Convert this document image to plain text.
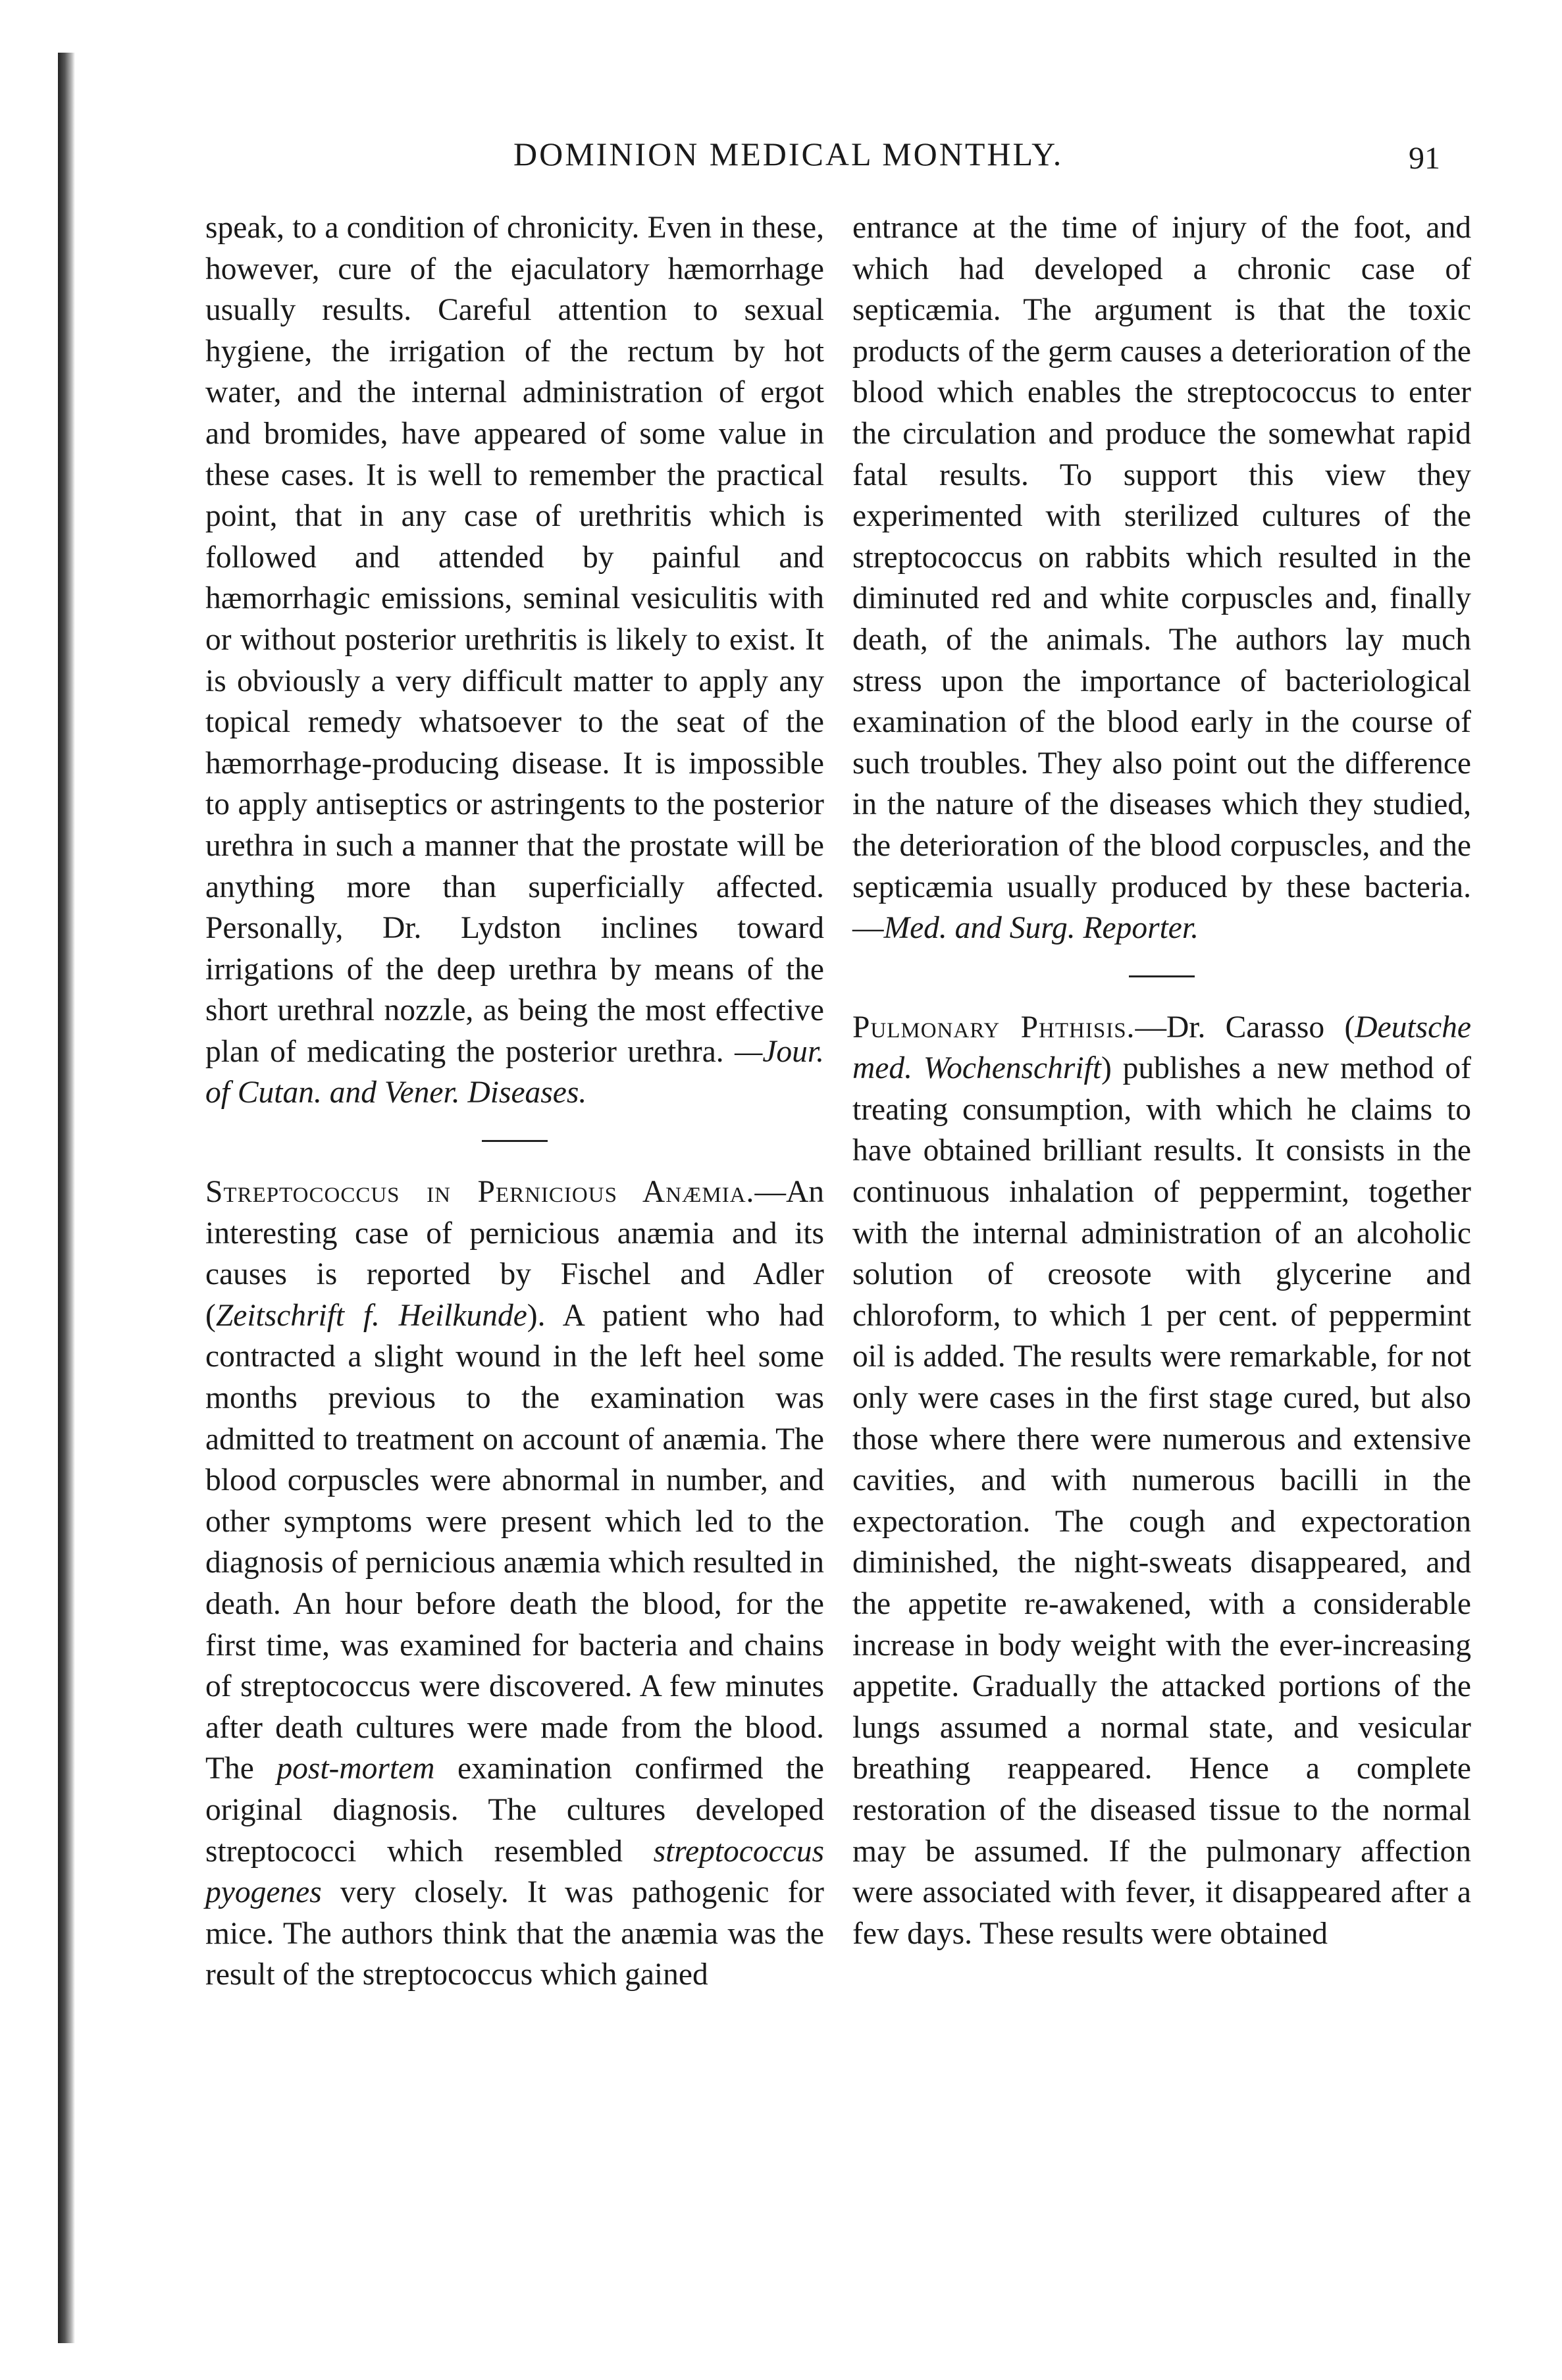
DOMINION MEDICAL MONTHLY.	91

speak, to a condition of chronicity. Even in these, however, cure of the ejaculatory hæmorrhage usually results. Careful attention to sexual hygiene, the irrigation of the rectum by hot water, and the internal administration of ergot and bromides, have appeared of some value in these cases. It is well to remember the practical point, that in any case of urethritis which is followed and attended by painful and hæmorrhagic emissions, seminal vesiculitis with or without posterior urethritis is likely to exist. It is obviously a very difficult matter to apply any topical remedy whatsoever to the seat of the hæmorrhage-producing disease. It is impossible to apply antiseptics or astringents to the posterior urethra in such a manner that the prostate will be anything more than superficially affected. Personally, Dr. Lydston inclines toward irrigations of the deep urethra by means of the short urethral nozzle, as being the most effective plan of medicating the posterior urethra. —Jour. of Cutan. and Vener. Diseases.

Streptococcus in Pernicious Anæmia.—An interesting case of pernicious anæmia and its causes is reported by Fischel and Adler (Zeitschrift f. Heilkunde). A patient who had contracted a slight wound in the left heel some months previous to the examination was admitted to treatment on account of anæmia. The blood corpuscles were abnormal in number, and other symptoms were present which led to the diagnosis of pernicious anæmia which resulted in death. An hour before death the blood, for the first time, was examined for bacteria and chains of streptococcus were discovered. A few minutes after death cultures were made from the blood. The post-mortem examination confirmed the original diagnosis. The cultures developed streptococci which resembled streptococcus pyogenes very closely. It was pathogenic for mice. The authors think that the anæmia was the result of the streptococcus which gained

entrance at the time of injury of the foot, and which had developed a chronic case of septicæmia. The argument is that the toxic products of the germ causes a deterioration of the blood which enables the streptococcus to enter the circulation and produce the somewhat rapid fatal results. To support this view they experimented with sterilized cultures of the streptococcus on rabbits which resulted in the diminuted red and white corpuscles and, finally death, of the animals. The authors lay much stress upon the importance of bacteriological examination of the blood early in the course of such troubles. They also point out the difference in the nature of the diseases which they studied, the deterioration of the blood corpuscles, and the septicæmia usually produced by these bacteria.—Med. and Surg. Reporter.

Pulmonary Phthisis.—Dr. Carasso (Deutsche med. Wochenschrift) publishes a new method of treating consumption, with which he claims to have obtained brilliant results. It consists in the continuous inhalation of peppermint, together with the internal administration of an alcoholic solution of creosote with glycerine and chloroform, to which 1 per cent. of peppermint oil is added. The results were remarkable, for not only were cases in the first stage cured, but also those where there were numerous and extensive cavities, and with numerous bacilli in the expectoration. The cough and expectoration diminished, the night-sweats disappeared, and the appetite re-awakened, with a considerable increase in body weight with the ever-increasing appetite. Gradually the attacked portions of the lungs assumed a normal state, and vesicular breathing reappeared. Hence a complete restoration of the diseased tissue to the normal may be assumed. If the pulmonary affection were associated with fever, it disappeared after a few days. These results were obtained
